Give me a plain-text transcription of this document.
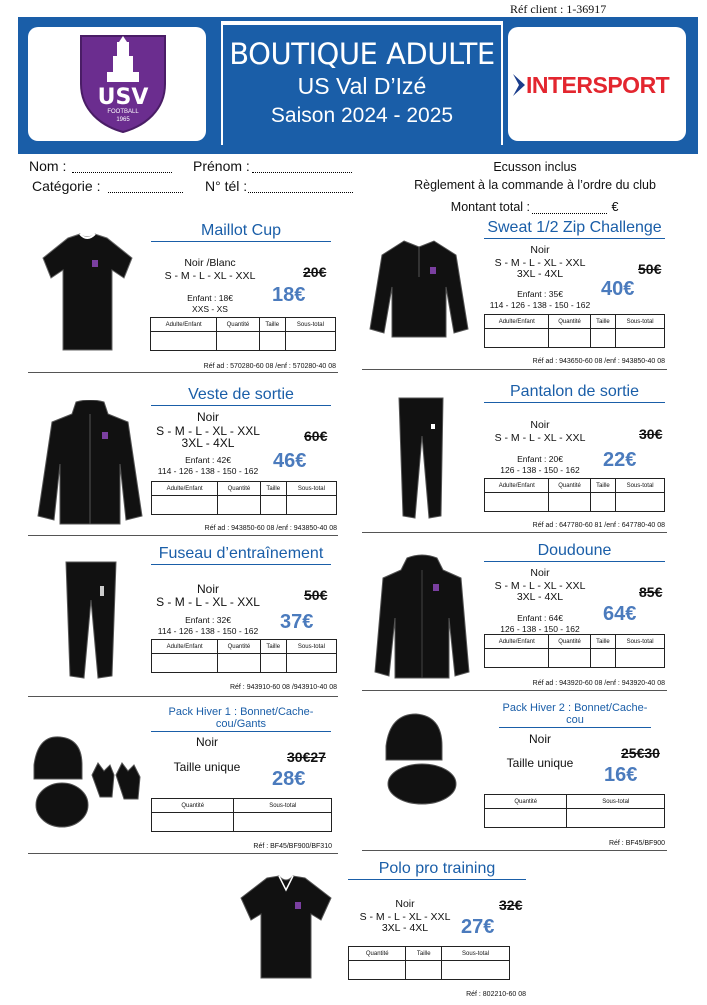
Réf client : 1-36917
USV
FOOTBALL
1965
BOUTIQUE ADULTE
US Val D’Izé
Saison 2024 - 2025
INTERSPORT
Nom :	Prénom :
Catégorie :	N° tél :
Ecusson inclus
Règlement à la commande à l’ordre du club
Montant total :	€
Maillot Cup
Noir /Blanc
S - M - L - XL - XXL
Enfant : 18€
XXS - XS
20€
18€
Adulte/Enfant	Quantité	Taille	Sous-total

Réf ad : 570280-60 08 /enf : 570280-40 08
Sweat 1/2 Zip Challenge
Noir
S - M - L - XL - XXL
3XL - 4XL
Enfant : 35€
114 - 126 - 138 - 150 - 162
50€
40€
Adulte/Enfant	Quantité	Taille	Sous-total

Réf ad : 943650-60 08 /enf : 943850-40 08
Veste de sortie
Noir
S - M - L - XL - XXL
3XL - 4XL
Enfant : 42€
114 - 126 - 138 - 150 - 162
60€
46€
Adulte/Enfant	Quantité	Taille	Sous-total

Réf ad : 943850-60 08 /enf : 943850-40 08
Pantalon de sortie
Noir
S - M - L - XL - XXL
Enfant : 20€
126 - 138 - 150 - 162
30€
22€
Adulte/Enfant	Quantité	Taille	Sous-total

Réf ad : 647780-60 81 /enf : 647780-40 08
Fuseau d’entraînement
Noir
S - M - L - XL - XXL
Enfant : 32€
114 - 126 - 138 - 150 - 162
50€
37€
Adulte/Enfant	Quantité	Taille	Sous-total

Réf : 943910-60 08 /943910-40 08
Doudoune
Noir
S - M - L - XL - XXL
3XL - 4XL
Enfant : 64€
126 - 138 - 150 - 162
85€
64€
Adulte/Enfant	Quantité	Taille	Sous-total

Réf ad : 943920-60 08 /enf : 943920-40 08
Pack Hiver 1 : Bonnet/Cache-cou/Gants
Noir
Taille unique
30€27
28€
Quantité	Sous-total

Réf : BF45/BF900/BF310
Pack Hiver 2 : Bonnet/Cache-cou
Noir
Taille unique
25€30
16€
Quantité	Sous-total

Réf : BF45/BF900
Polo pro training
Noir
S - M - L - XL - XXL
3XL - 4XL
32€
27€
Quantité	Taille	Sous-total

Réf : 802210-60 08
